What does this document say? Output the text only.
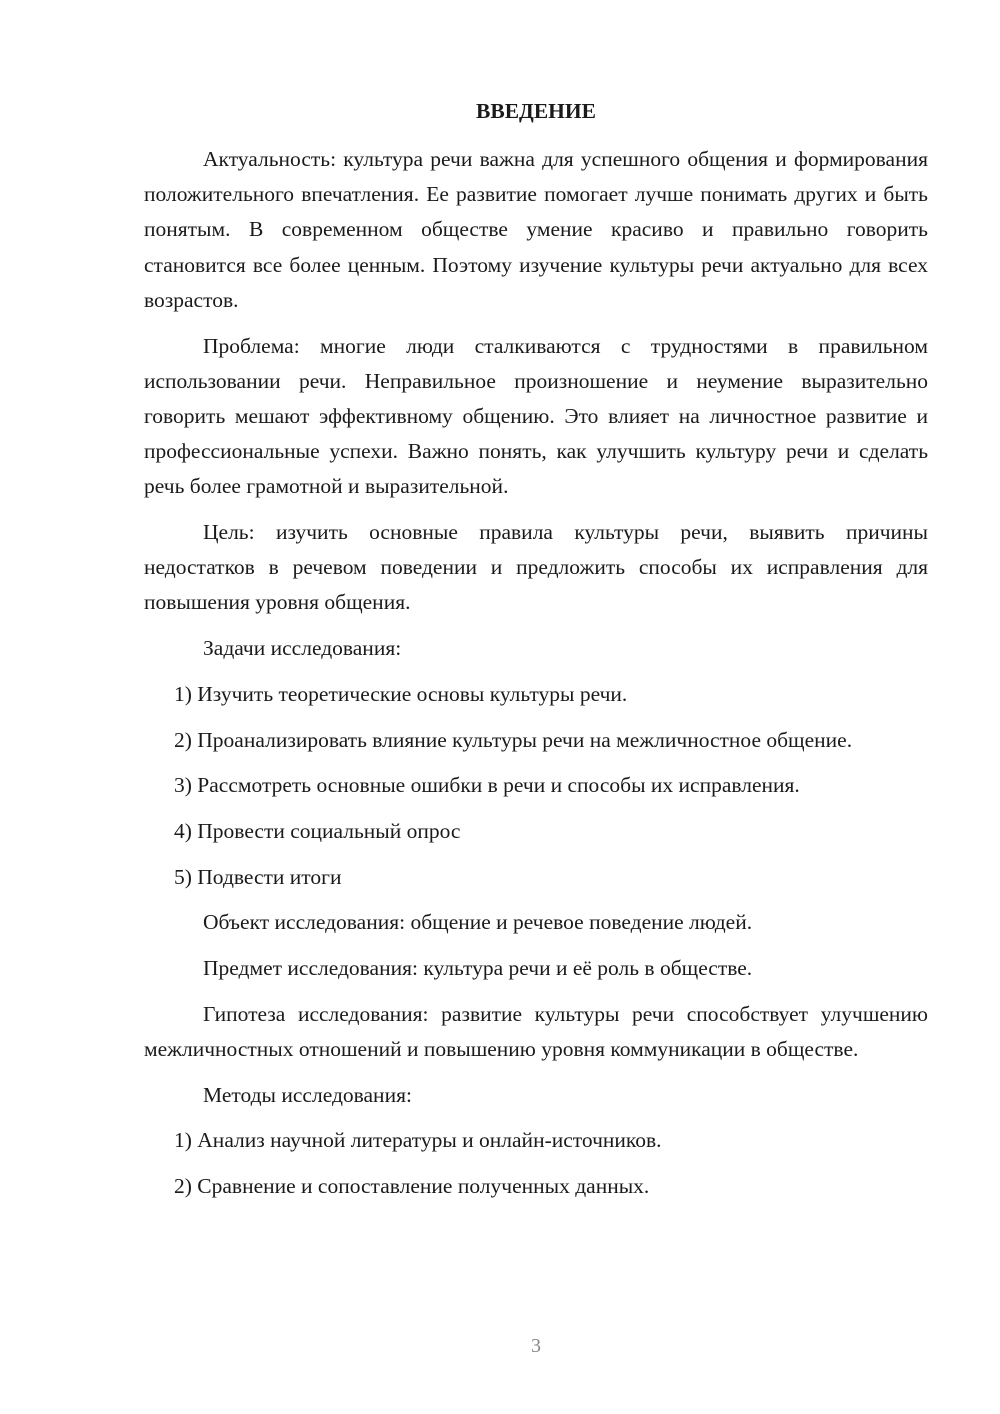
ВВЕДЕНИЕ

Актуальность: культура речи важна для успешного общения и формирования положительного впечатления. Ее развитие помогает лучше понимать других и быть понятым. В современном обществе умение красиво и правильно говорить становится все более ценным. Поэтому изучение культуры речи актуально для всех возрастов.

Проблема: многие люди сталкиваются с трудностями в правильном использовании речи. Неправильное произношение и неумение выразительно говорить мешают эффективному общению. Это влияет на личностное развитие и профессиональные успехи. Важно понять, как улучшить культуру речи и сделать речь более грамотной и выразительной.

Цель: изучить основные правила культуры речи, выявить причины недостатков в речевом поведении и предложить способы их исправления для повышения уровня общения.

Задачи исследования:

1) Изучить теоретические основы культуры речи.

2) Проанализировать влияние культуры речи на межличностное общение.

3) Рассмотреть основные ошибки в речи и способы их исправления.

4) Провести социальный опрос

5) Подвести итоги

Объект исследования: общение и речевое поведение людей.

Предмет исследования: культура речи и её роль в обществе.

Гипотеза исследования: развитие культуры речи способствует улучшению межличностных отношений и повышению уровня коммуникации в обществе.

Методы исследования:

1) Анализ научной литературы и онлайн-источников.

2) Сравнение и сопоставление полученных данных.

3
